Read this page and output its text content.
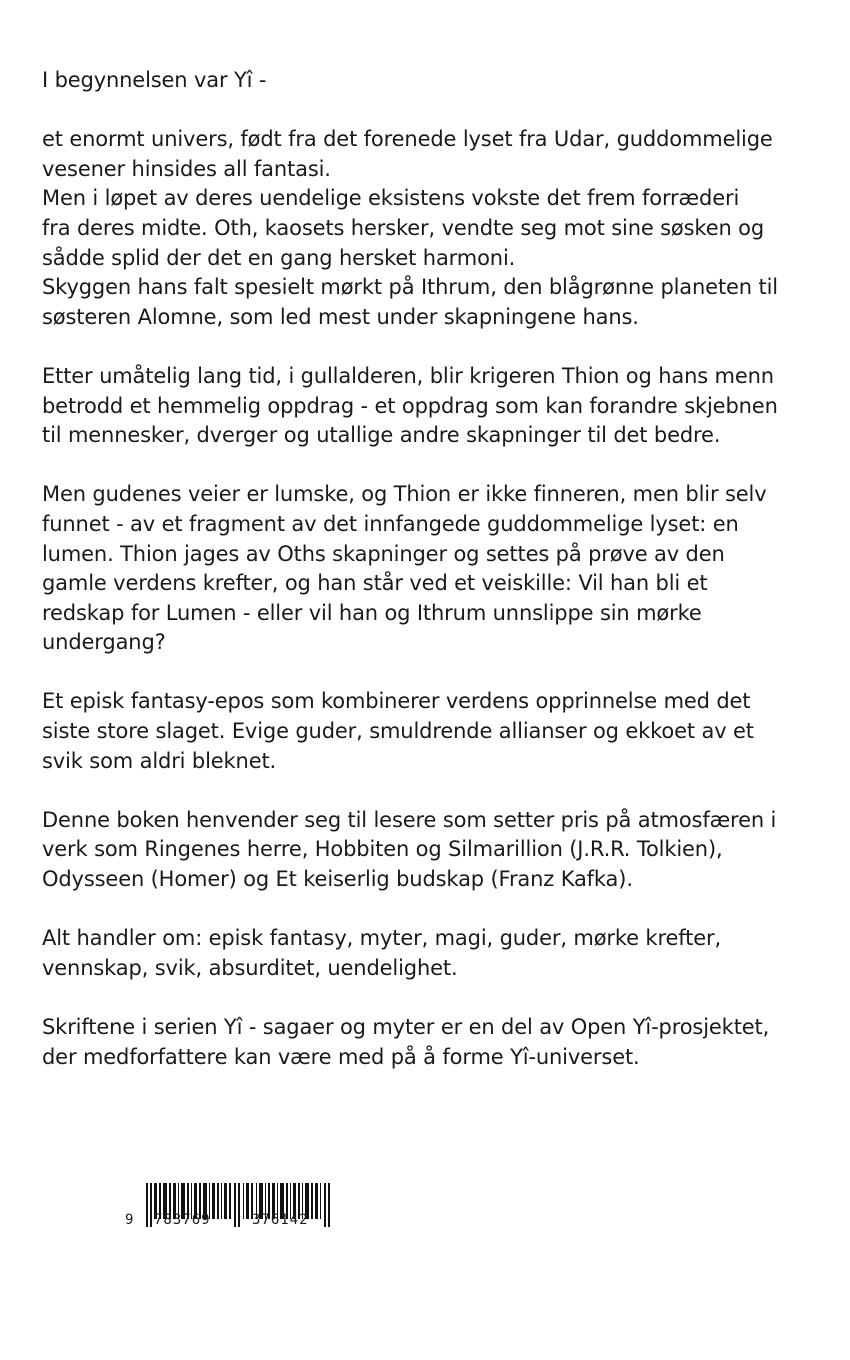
I begynnelsen var Yî -

et enormt univers, født fra det forenede lyset fra Udar, guddommelige
vesener hinsides all fantasi.
Men i løpet av deres uendelige eksistens vokste det frem forræderi
fra deres midte. Oth, kaosets hersker, vendte seg mot sine søsken og
sådde splid der det en gang hersket harmoni.
Skyggen hans falt spesielt mørkt på Ithrum, den blågrønne planeten til
søsteren Alomne, som led mest under skapningene hans.

Etter umåtelig lang tid, i gullalderen, blir krigeren Thion og hans menn
betrodd et hemmelig oppdrag - et oppdrag som kan forandre skjebnen
til mennesker, dverger og utallige andre skapninger til det bedre.

Men gudenes veier er lumske, og Thion er ikke finneren, men blir selv
funnet - av et fragment av det innfangede guddommelige lyset: en
lumen. Thion jages av Oths skapninger og settes på prøve av den
gamle verdens krefter, og han står ved et veiskille: Vil han bli et
redskap for Lumen - eller vil han og Ithrum unnslippe sin mørke
undergang?

Et episk fantasy-epos som kombinerer verdens opprinnelse med det
siste store slaget. Evige guder, smuldrende allianser og ekkoet av et
svik som aldri bleknet.

Denne boken henvender seg til lesere som setter pris på atmosfæren i
verk som Ringenes herre, Hobbiten og Silmarillion (J.R.R. Tolkien),
Odysseen (Homer) og Et keiserlig budskap (Franz Kafka).

Alt handler om: episk fantasy, myter, magi, guder, mørke krefter,
vennskap, svik, absurditet, uendelighet.

Skriftene i serien Yî - sagaer og myter er en del av Open Yî-prosjektet,
der medforfattere kan være med på å forme Yî-universet.

9 783769	376142
